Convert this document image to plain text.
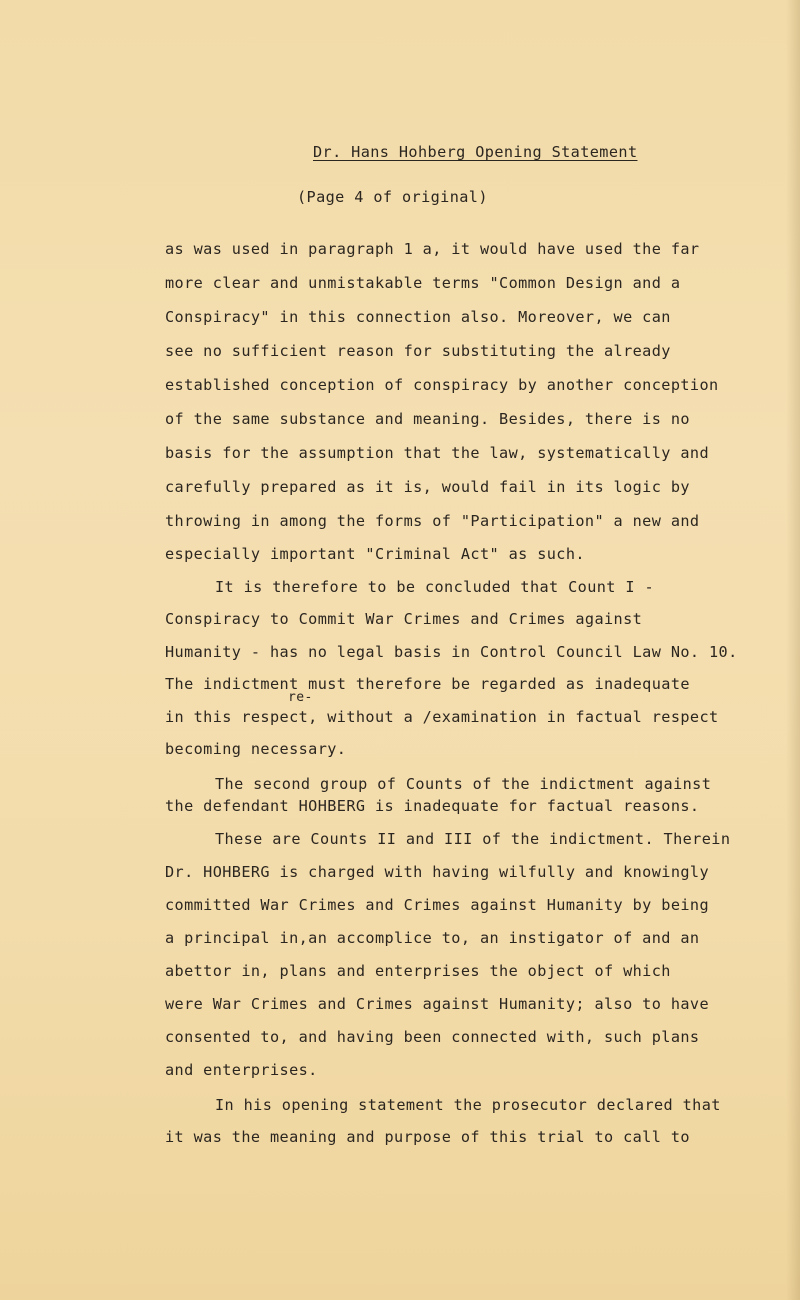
Dr. Hans Hohberg Opening Statement
(Page 4 of original)
as was used in paragraph 1 a, it would have used the far
more clear and unmistakable terms "Common Design and a
Conspiracy" in this connection also. Moreover, we can
see no sufficient reason for substituting the already
established conception of conspiracy by another conception
of the same substance and meaning. Besides, there is no
basis for the assumption that the law, systematically and
carefully prepared as it is, would fail in its logic by
throwing in among the forms of "Participation" a new and
especially important "Criminal Act" as such.
It is therefore to be concluded that Count I -
Conspiracy to Commit War Crimes and Crimes against
Humanity - has no legal basis in Control Council Law No. 10.
The indictment must therefore be regarded as inadequate
re-
in this respect, without a /examination in factual respect
becoming necessary.
The second group of Counts of the indictment against
the defendant HOHBERG is inadequate for factual reasons.
These are Counts II and III of the indictment. Therein
Dr. HOHBERG is charged with having wilfully and knowingly
committed War Crimes and Crimes against Humanity by being
a principal in,an accomplice to, an instigator of and an
abettor in, plans and enterprises the object of which
were War Crimes and Crimes against Humanity; also to have
consented to, and having been connected with, such plans
and enterprises.
In his opening statement the prosecutor declared that
it was the meaning and purpose of this trial to call to
